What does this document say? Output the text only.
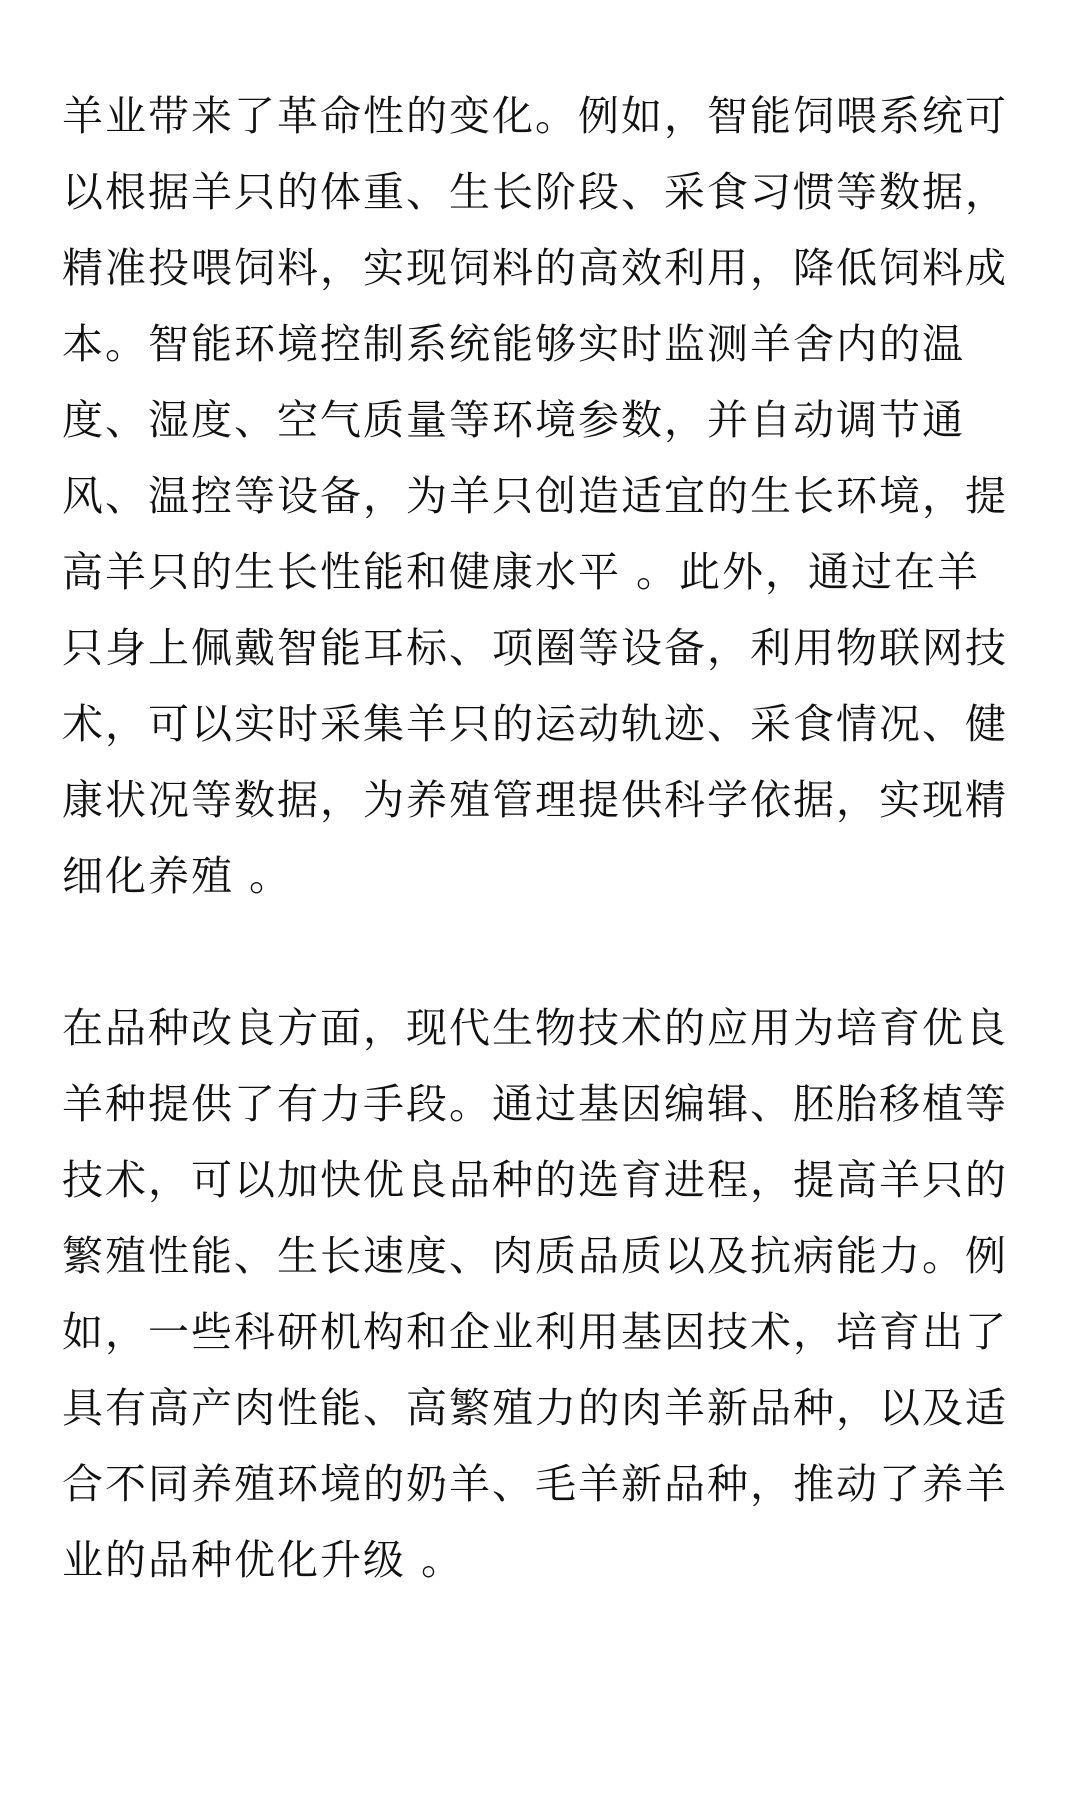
羊业带来了革命性的变化。例如，智能饲喂系统可
以根据羊只的体重、生长阶段、采食习惯等数据，
精准投喂饲料，实现饲料的高效利用，降低饲料成
本。智能环境控制系统能够实时监测羊舍内的温
度、湿度、空气质量等环境参数，并自动调节通
风、温控等设备，为羊只创造适宜的生长环境，提
高羊只的生长性能和健康水平 。此外，通过在羊
只身上佩戴智能耳标、项圈等设备，利用物联网技
术，可以实时采集羊只的运动轨迹、采食情况、健
康状况等数据，为养殖管理提供科学依据，实现精
细化养殖 。

在品种改良方面，现代生物技术的应用为培育优良
羊种提供了有力手段。通过基因编辑、胚胎移植等
技术，可以加快优良品种的选育进程，提高羊只的
繁殖性能、生长速度、肉质品质以及抗病能力。例
如，一些科研机构和企业利用基因技术，培育出了
具有高产肉性能、高繁殖力的肉羊新品种，以及适
合不同养殖环境的奶羊、毛羊新品种，推动了养羊
业的品种优化升级 。
